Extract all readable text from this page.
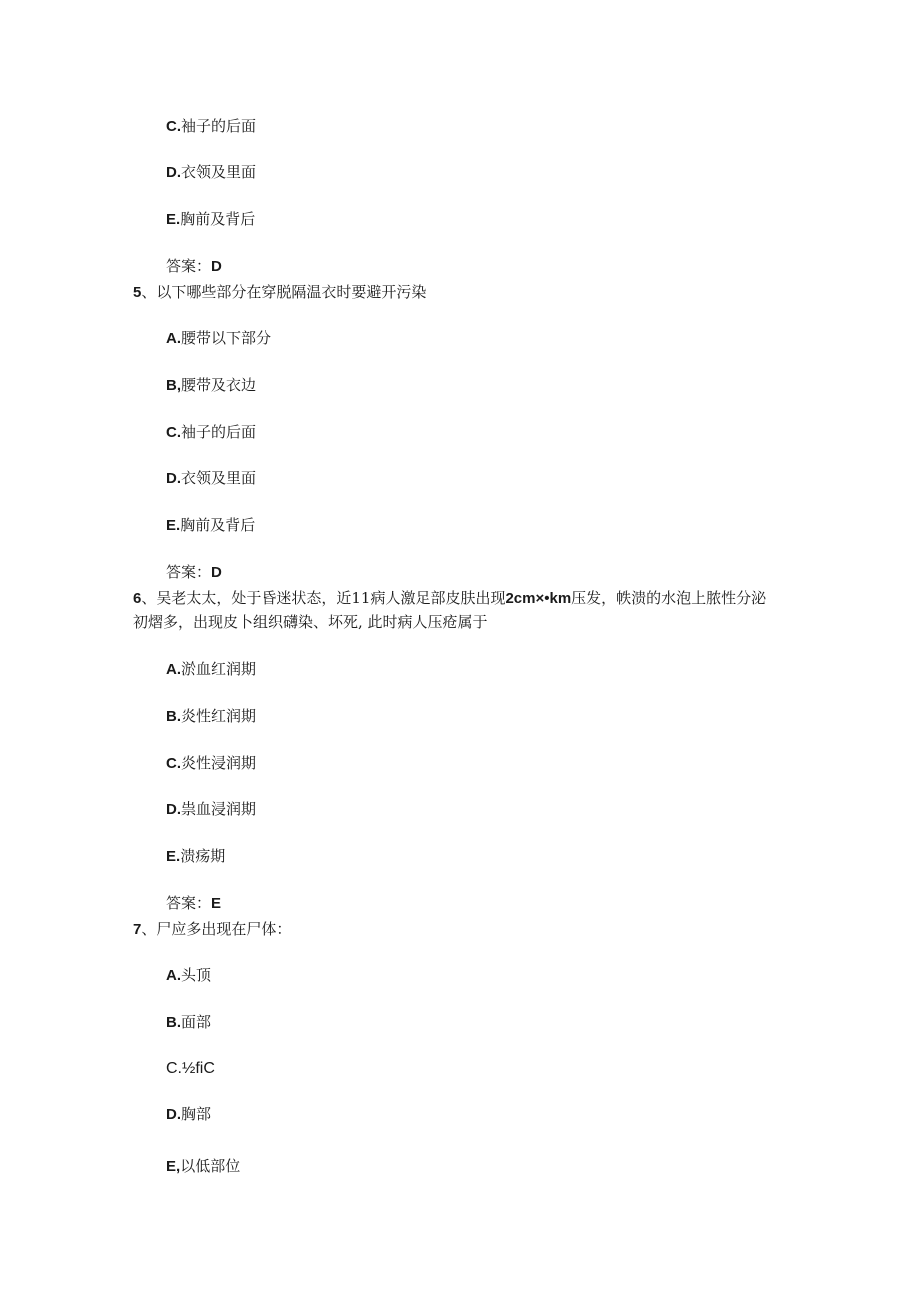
C.袖子的后面
D.衣领及里面
E.胸前及背后
答案：D
5、以下哪些部分在穿脱隔温衣时要避开污染
A.腰带以下部分
B,腰带及衣边
C.袖子的后面
D.衣领及里面
E.胸前及背后
答案：D
6、吴老太太，处于昏迷状态，近11病人激足部皮肤出现2cm×•km压发，帙溃的水泡上脓性分泌
初熠多，出现皮卜组织礴染、坏死, 此时病人压疮属于
A.淤血红润期
B.炎性红润期
C.炎性浸润期
D.祟血浸润期
E.溃疡期
答案：E
7、尸应多出现在尸体：
A.头顶
B.面部
C.½fiC
D.胸部
E,以低部位
